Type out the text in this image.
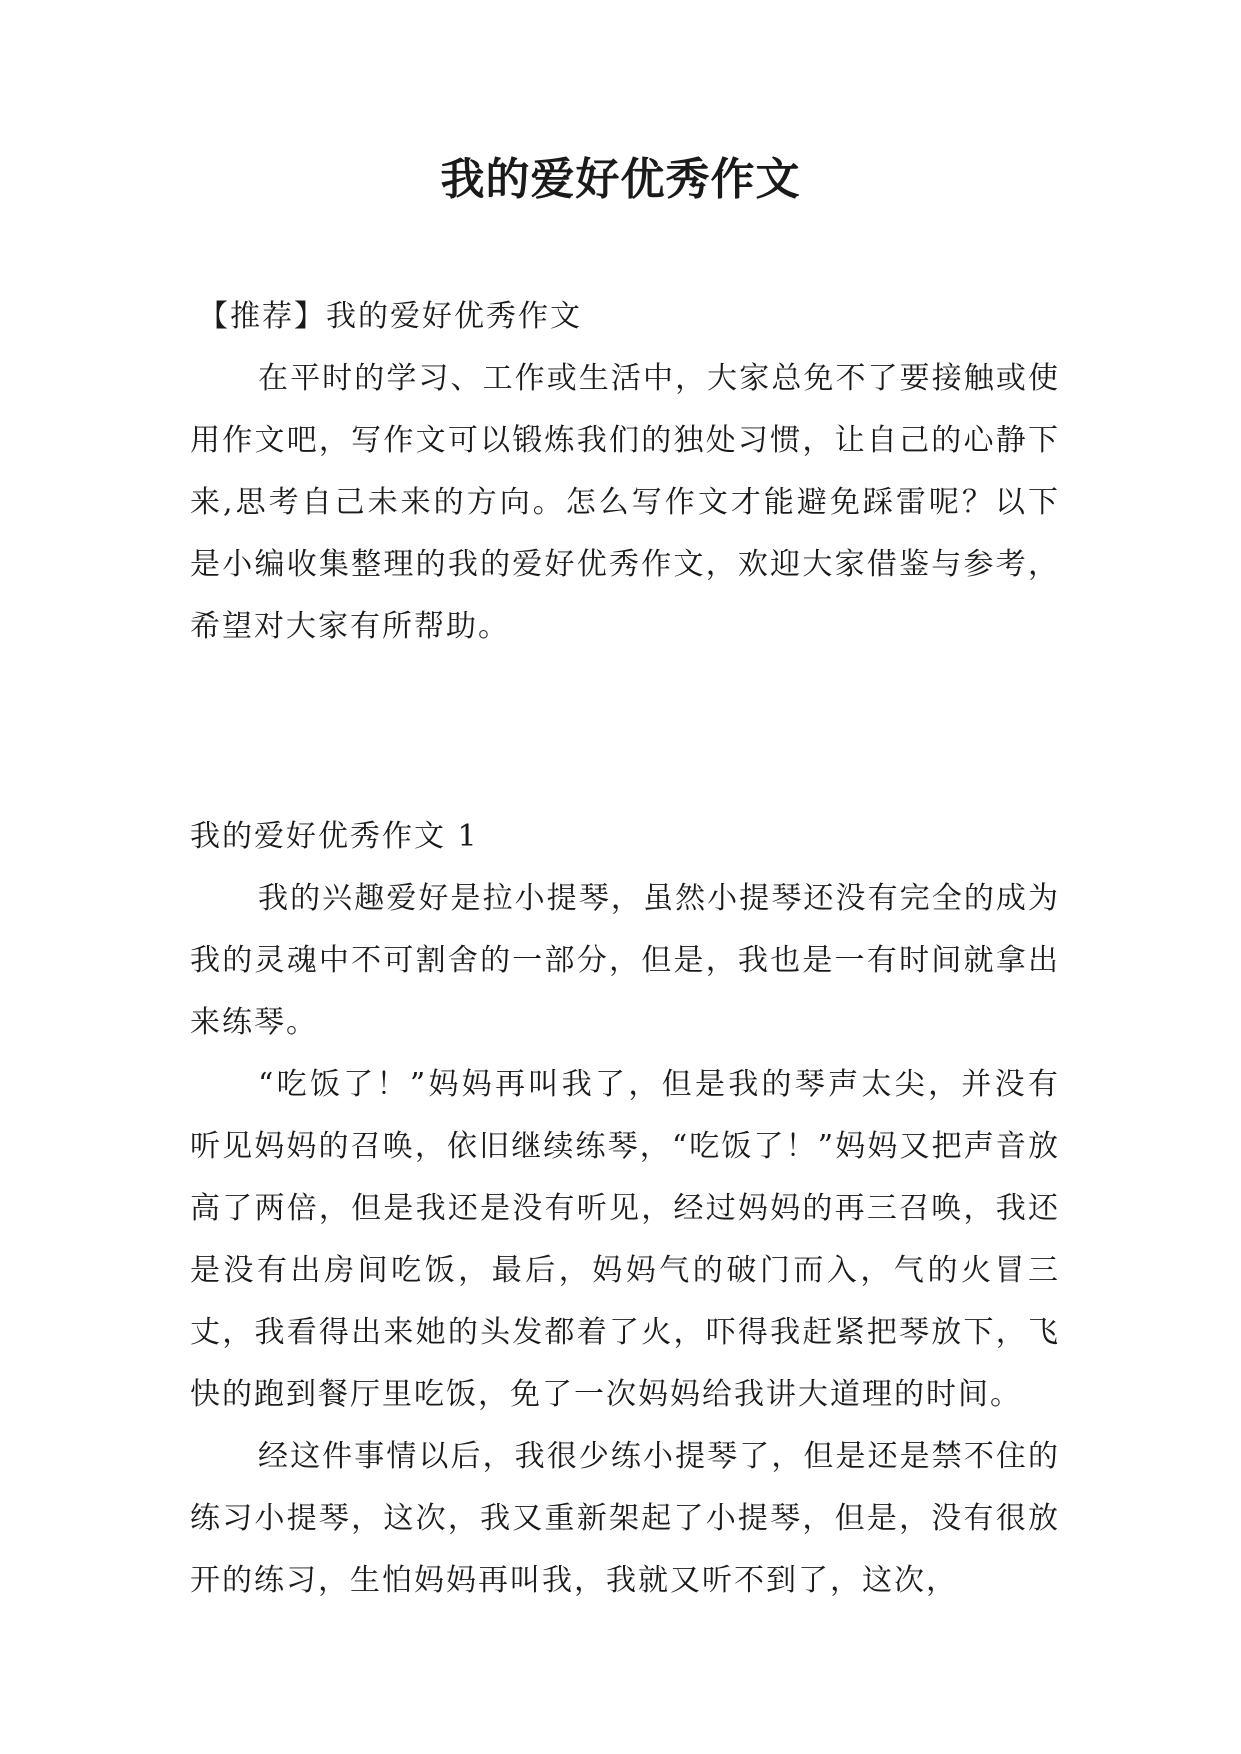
我的爱好优秀作文

【推荐】我的爱好优秀作文

在平时的学习、工作或生活中，大家总免不了要接触或使用作文吧，写作文可以锻炼我们的独处习惯，让自己的心静下来,思考自己未来的方向。怎么写作文才能避免踩雷呢？以下是小编收集整理的我的爱好优秀作文，欢迎大家借鉴与参考，希望对大家有所帮助。

我的爱好优秀作文 1

我的兴趣爱好是拉小提琴，虽然小提琴还没有完全的成为我的灵魂中不可割舍的一部分，但是，我也是一有时间就拿出来练琴。

“吃饭了！”妈妈再叫我了，但是我的琴声太尖，并没有听见妈妈的召唤，依旧继续练琴，“吃饭了！”妈妈又把声音放高了两倍，但是我还是没有听见，经过妈妈的再三召唤，我还是没有出房间吃饭，最后，妈妈气的破门而入，气的火冒三丈，我看得出来她的头发都着了火，吓得我赶紧把琴放下，飞快的跑到餐厅里吃饭，免了一次妈妈给我讲大道理的时间。

经这件事情以后，我很少练小提琴了，但是还是禁不住的练习小提琴，这次，我又重新架起了小提琴，但是，没有很放开的练习，生怕妈妈再叫我，我就又听不到了，这次，
